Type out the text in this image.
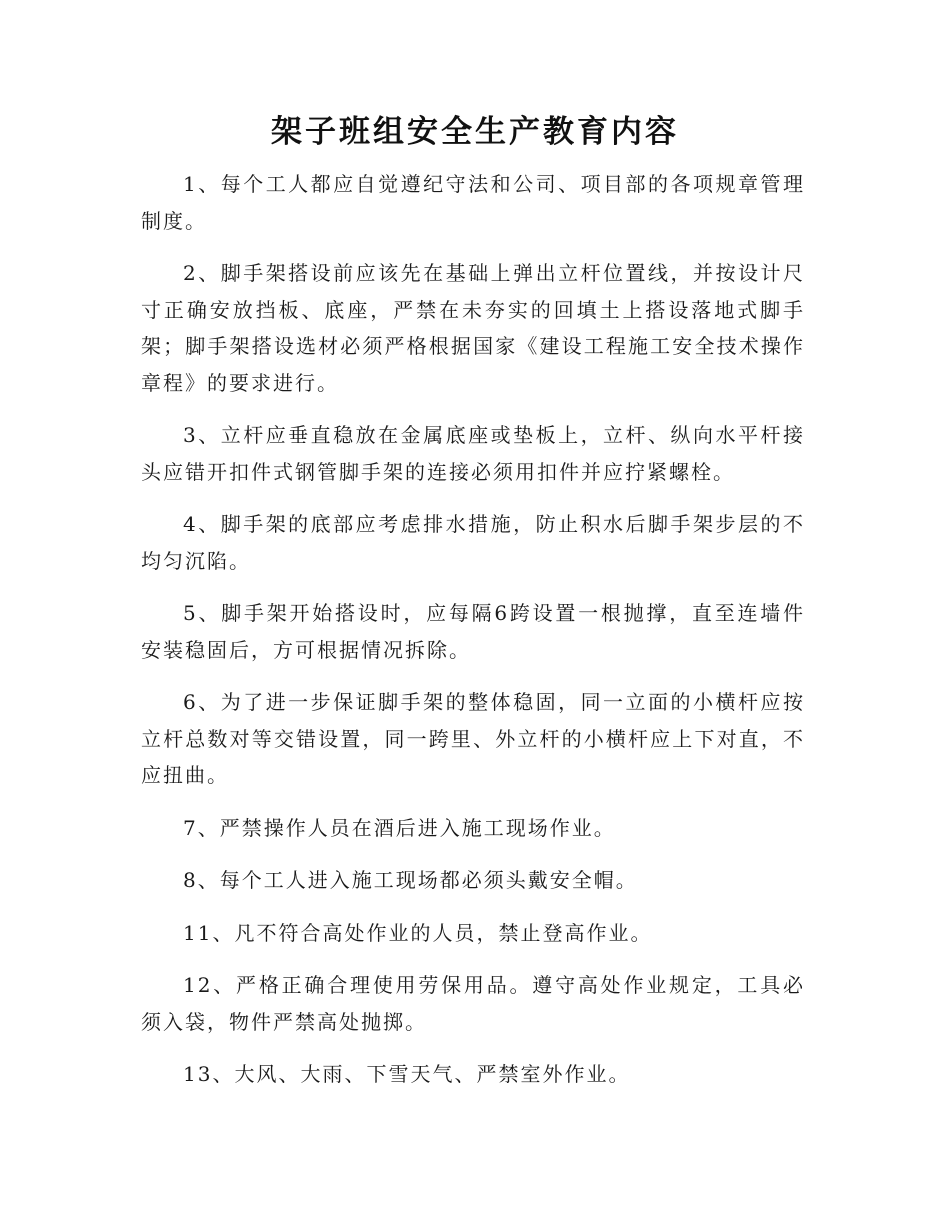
架子班组安全生产教育内容

1、每个工人都应自觉遵纪守法和公司、项目部的各项规章管理制度。

2、脚手架搭设前应该先在基础上弹出立杆位置线，并按设计尺寸正确安放挡板、底座，严禁在未夯实的回填土上搭设落地式脚手架；脚手架搭设选材必须严格根据国家《建设工程施工安全技术操作章程》的要求进行。

3、立杆应垂直稳放在金属底座或垫板上，立杆、纵向水平杆接头应错开扣件式钢管脚手架的连接必须用扣件并应拧紧螺栓。

4、脚手架的底部应考虑排水措施，防止积水后脚手架步层的不均匀沉陷。

5、脚手架开始搭设时，应每隔6跨设置一根抛撑，直至连墙件安装稳固后，方可根据情况拆除。

6、为了进一步保证脚手架的整体稳固，同一立面的小横杆应按立杆总数对等交错设置，同一跨里、外立杆的小横杆应上下对直，不应扭曲。

7、严禁操作人员在酒后进入施工现场作业。

8、每个工人进入施工现场都必须头戴安全帽。

11、凡不符合高处作业的人员，禁止登高作业。

12、严格正确合理使用劳保用品。遵守高处作业规定，工具必须入袋，物件严禁高处抛掷。

13、大风、大雨、下雪天气、严禁室外作业。
